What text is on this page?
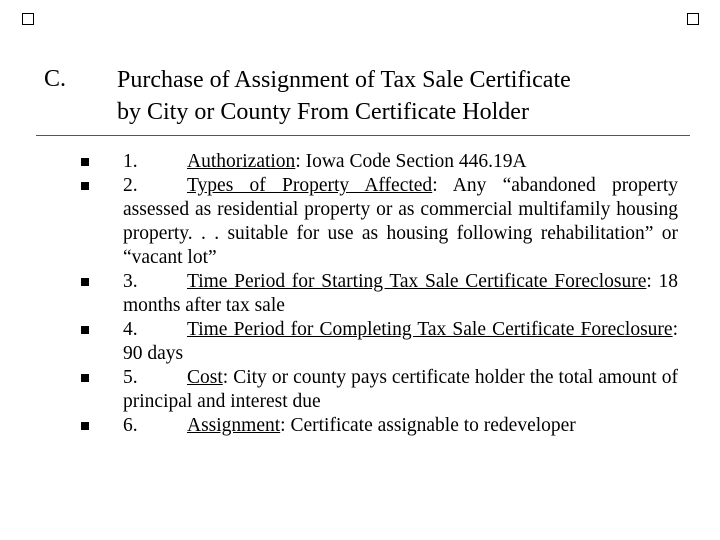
C. Purchase of Assignment of Tax Sale Certificate
by City or County From Certificate Holder
1.	Authorization: Iowa Code Section 446.19A
2.	Types of Property Affected: Any “abandoned property assessed as residential property or as commercial multifamily housing property. . . suitable for use as housing following rehabilitation” or “vacant lot”
3.	Time Period for Starting Tax Sale Certificate Foreclosure: 18 months after tax sale
4.	Time Period for Completing Tax Sale Certificate Foreclosure: 90 days
5.	Cost: City or county pays certificate holder the total amount of principal and interest due
6.	Assignment: Certificate assignable to redeveloper
